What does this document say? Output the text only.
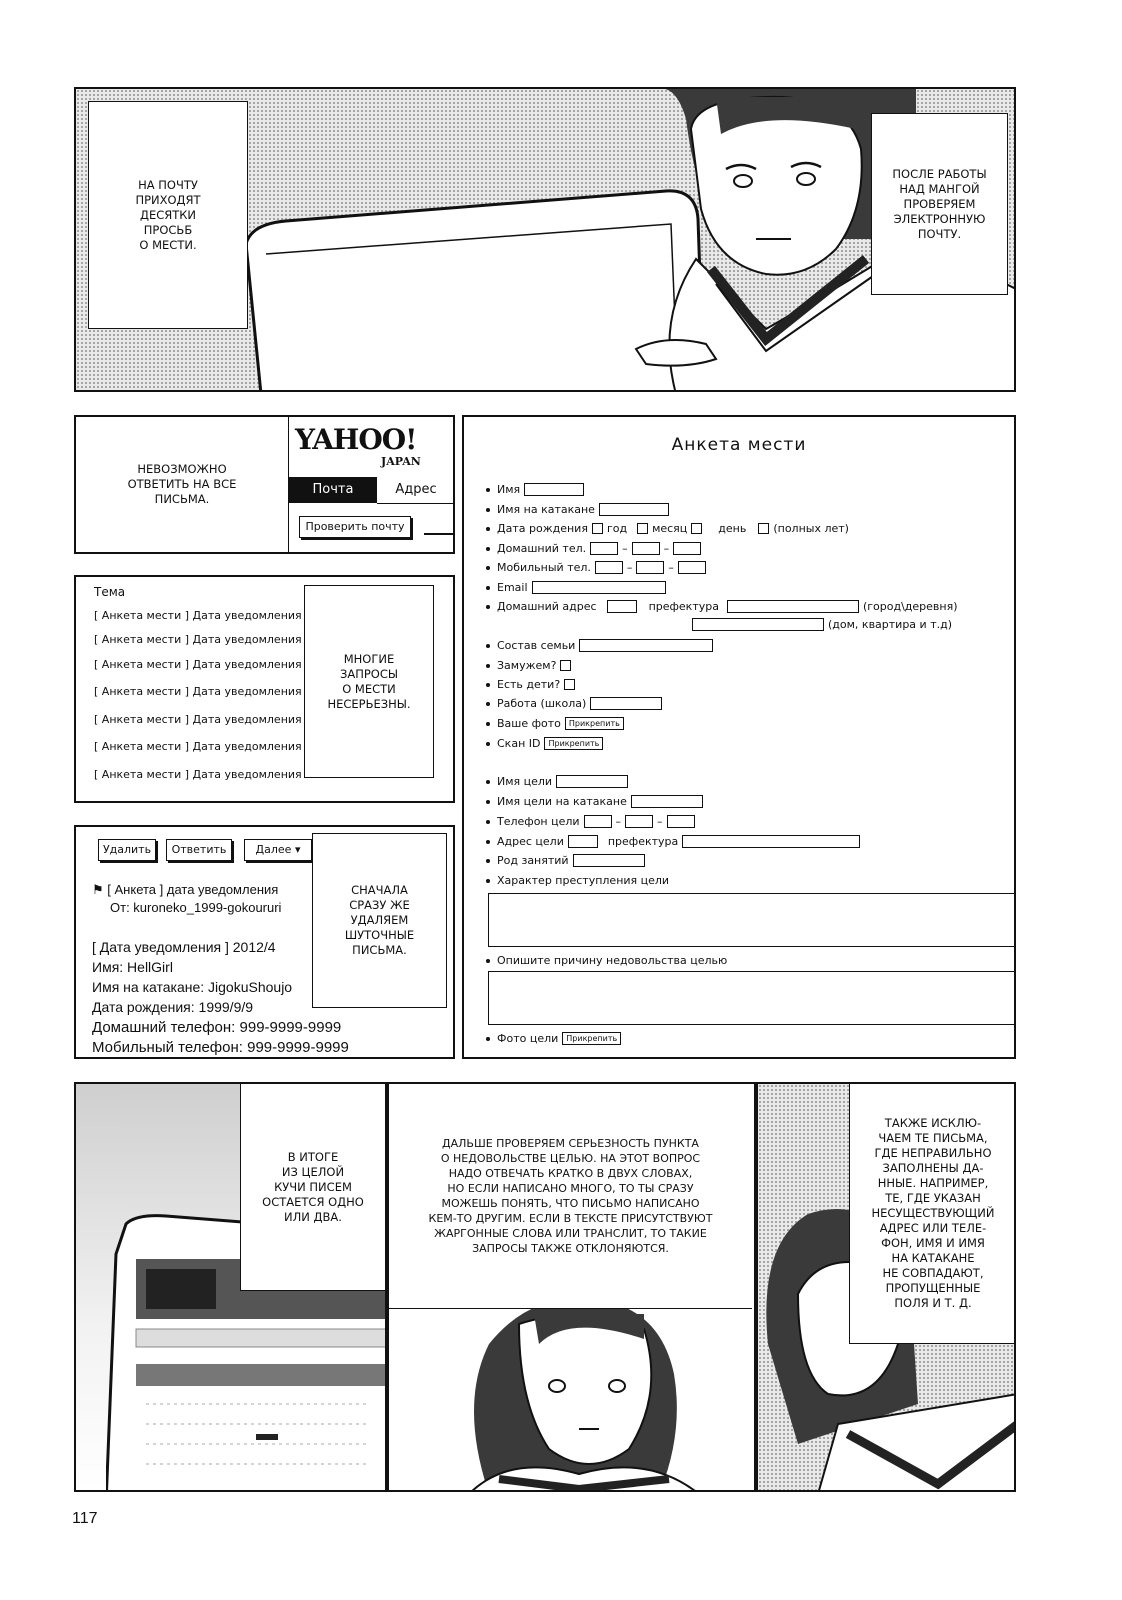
НА ПОЧТУ
ПРИХОДЯТ
ДЕСЯТКИ
ПРОСЬБ
О МЕСТИ.
ПОСЛЕ РАБОТЫ
НАД МАНГОЙ
ПРОВЕРЯЕМ
ЭЛЕКТРОННУЮ
ПОЧТУ.
НЕВОЗМОЖНО
ОТВЕТИТЬ НА ВСЕ
ПИСЬМА.
YAHOO!
JAPAN
Почта	Адрес
Проверить почту
Тема
[ Анкета мести ] Дата уведомления
[ Анкета мести ] Дата уведомления
[ Анкета мести ] Дата уведомления
[ Анкета мести ] Дата уведомления
[ Анкета мести ] Дата уведомления
[ Анкета мести ] Дата уведомления
[ Анкета мести ] Дата уведомления
МНОГИЕ
ЗАПРОСЫ
О МЕСТИ
НЕСЕРЬЕЗНЫ.
Удалить	Ответить	Далее ▾
⚑ [ Анкета ] дата уведомления
От: kuroneko_1999-gokoururi
[ Дата уведомления ] 2012/4
Имя: HellGirl
Имя на катакане: JigokuShoujo
Дата рождения: 1999/9/9
Домашний телефон: 999-9999-9999
Мобильный телефон: 999-9999-9999
СНАЧАЛА
СРАЗУ ЖЕ
УДАЛЯЕМ
ШУТОЧНЫЕ
ПИСЬМА.
Анкета мести
Имя
Имя на катакане
Дата рождения год месяц	день (полных лет)
Домашний тел.	–	–
Мобильный тел.	–	–
Email
Домашний адрес	префектура	(город\деревня)
(дом, квартира и т.д)
Состав семьи
Замужем?
Есть дети?
Работа (школа)
Ваше фото	Прикрепить
Скан ID	Прикрепить
Имя цели
Имя цели на катакане
Телефон цели	–	–
Адрес цели	префектура
Род занятий
Характер преступления цели
Опишите причину недовольства целью
Фото цели	Прикрепить
В ИТОГЕ
ИЗ ЦЕЛОЙ
КУЧИ ПИСЕМ
ОСТАЕТСЯ ОДНО
ИЛИ ДВА.
ДАЛЬШЕ ПРОВЕРЯЕМ СЕРЬЕЗНОСТЬ ПУНКТА
О НЕДОВОЛЬСТВЕ ЦЕЛЬЮ. НА ЭТОТ ВОПРОС
НАДО ОТВЕЧАТЬ КРАТКО В ДВУХ СЛОВАХ,
НО ЕСЛИ НАПИСАНО МНОГО, ТО ТЫ СРАЗУ
МОЖЕШЬ ПОНЯТЬ, ЧТО ПИСЬМО НАПИСАНО
КЕМ-ТО ДРУГИМ. ЕСЛИ В ТЕКСТЕ ПРИСУТСТВУЮТ
ЖАРГОННЫЕ СЛОВА ИЛИ ТРАНСЛИТ, ТО ТАКИЕ
ЗАПРОСЫ ТАКЖЕ ОТКЛОНЯЮТСЯ.
ТАКЖЕ ИСКЛЮ-
ЧАЕМ ТЕ ПИСЬМА,
ГДЕ НЕПРАВИЛЬНО
ЗАПОЛНЕНЫ ДА-
ННЫЕ. НАПРИМЕР,
ТЕ, ГДЕ УКАЗАН
НЕСУЩЕСТВУЮЩИЙ
АДРЕС ИЛИ ТЕЛЕ-
ФОН, ИМЯ И ИМЯ
НА КАТАКАНЕ
НЕ СОВПАДАЮТ,
ПРОПУЩЕННЫЕ
ПОЛЯ И Т. Д.
117
